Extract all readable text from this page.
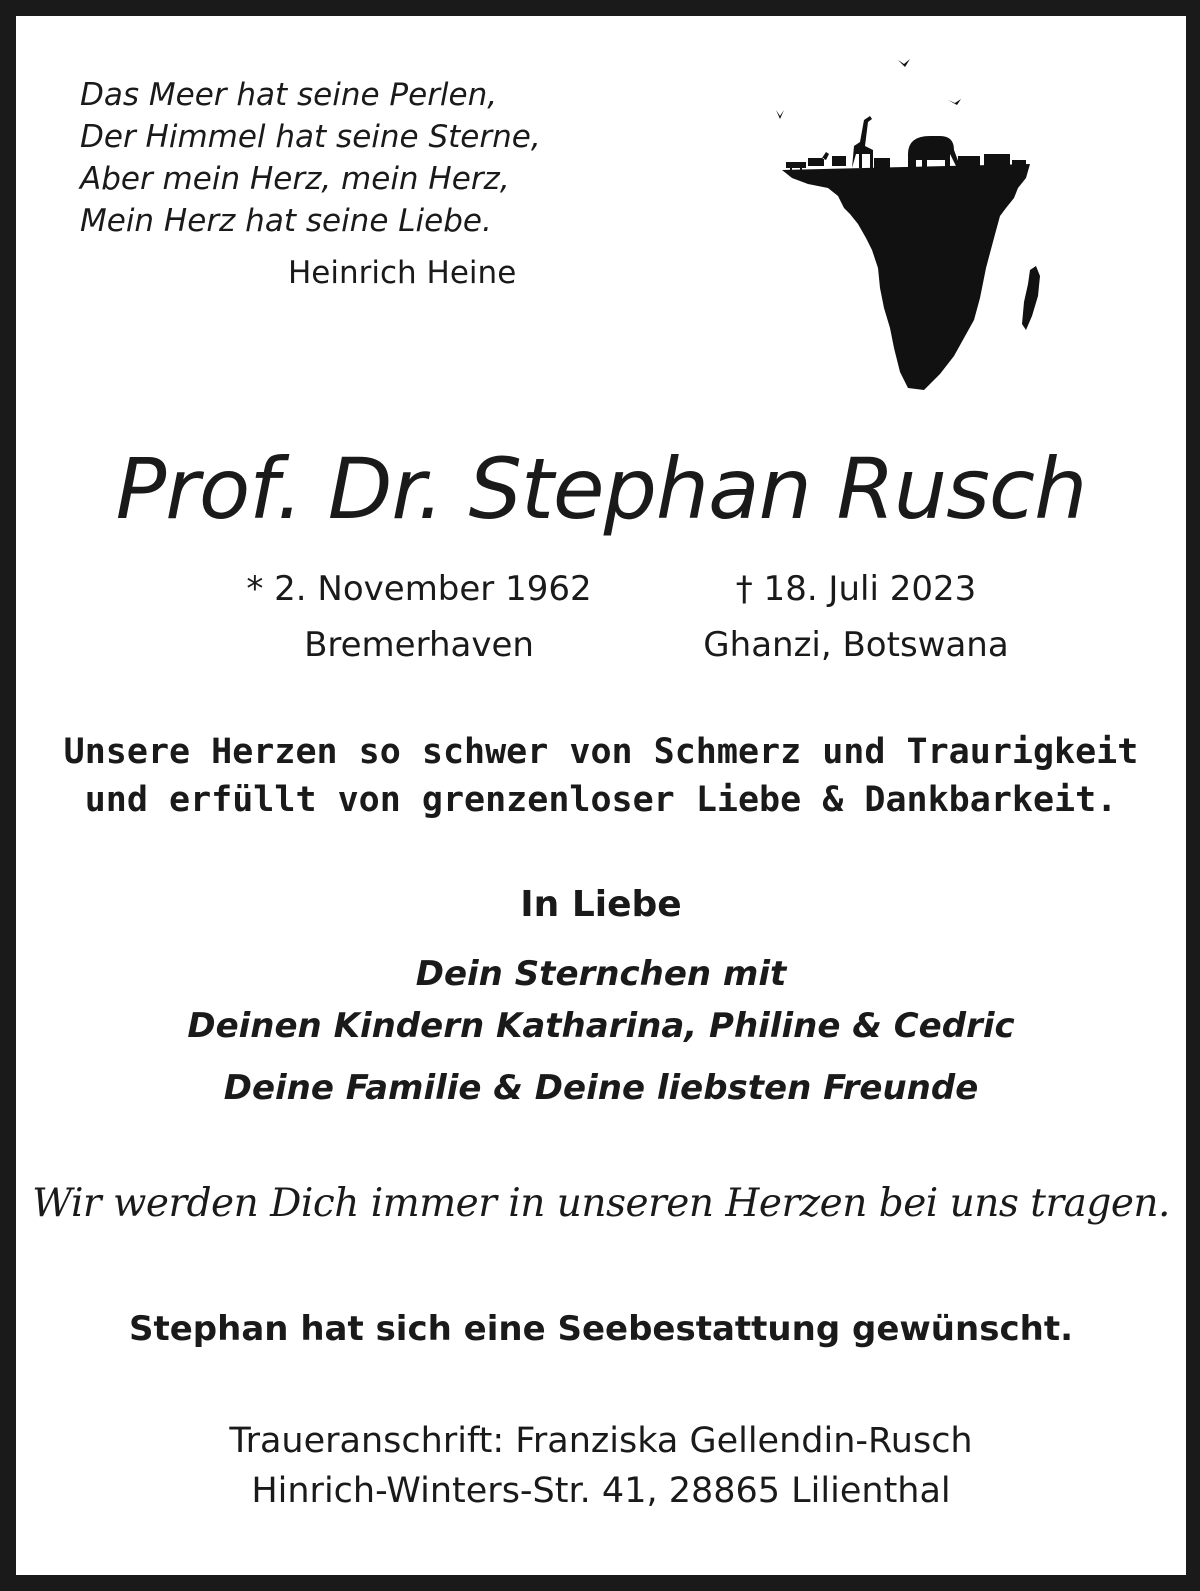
Das Meer hat seine Perlen,
Der Himmel hat seine Sterne,
Aber mein Herz, mein Herz,
Mein Herz hat seine Liebe.
Heinrich Heine
Prof. Dr. Stephan Rusch
* 2. November 1962
Bremerhaven
† 18. Juli 2023
Ghanzi, Botswana
Unsere Herzen so schwer von Schmerz und Traurigkeit
und erfüllt von grenzenloser Liebe & Dankbarkeit.
In Liebe
Dein Sternchen mit
Deinen Kindern Katharina, Philine & Cedric
Deine Familie & Deine liebsten Freunde
Wir werden Dich immer in unseren Herzen bei uns tragen.
Stephan hat sich eine Seebestattung gewünscht.
Traueranschrift: Franziska Gellendin-Rusch
Hinrich-Winters-Str. 41, 28865 Lilienthal
